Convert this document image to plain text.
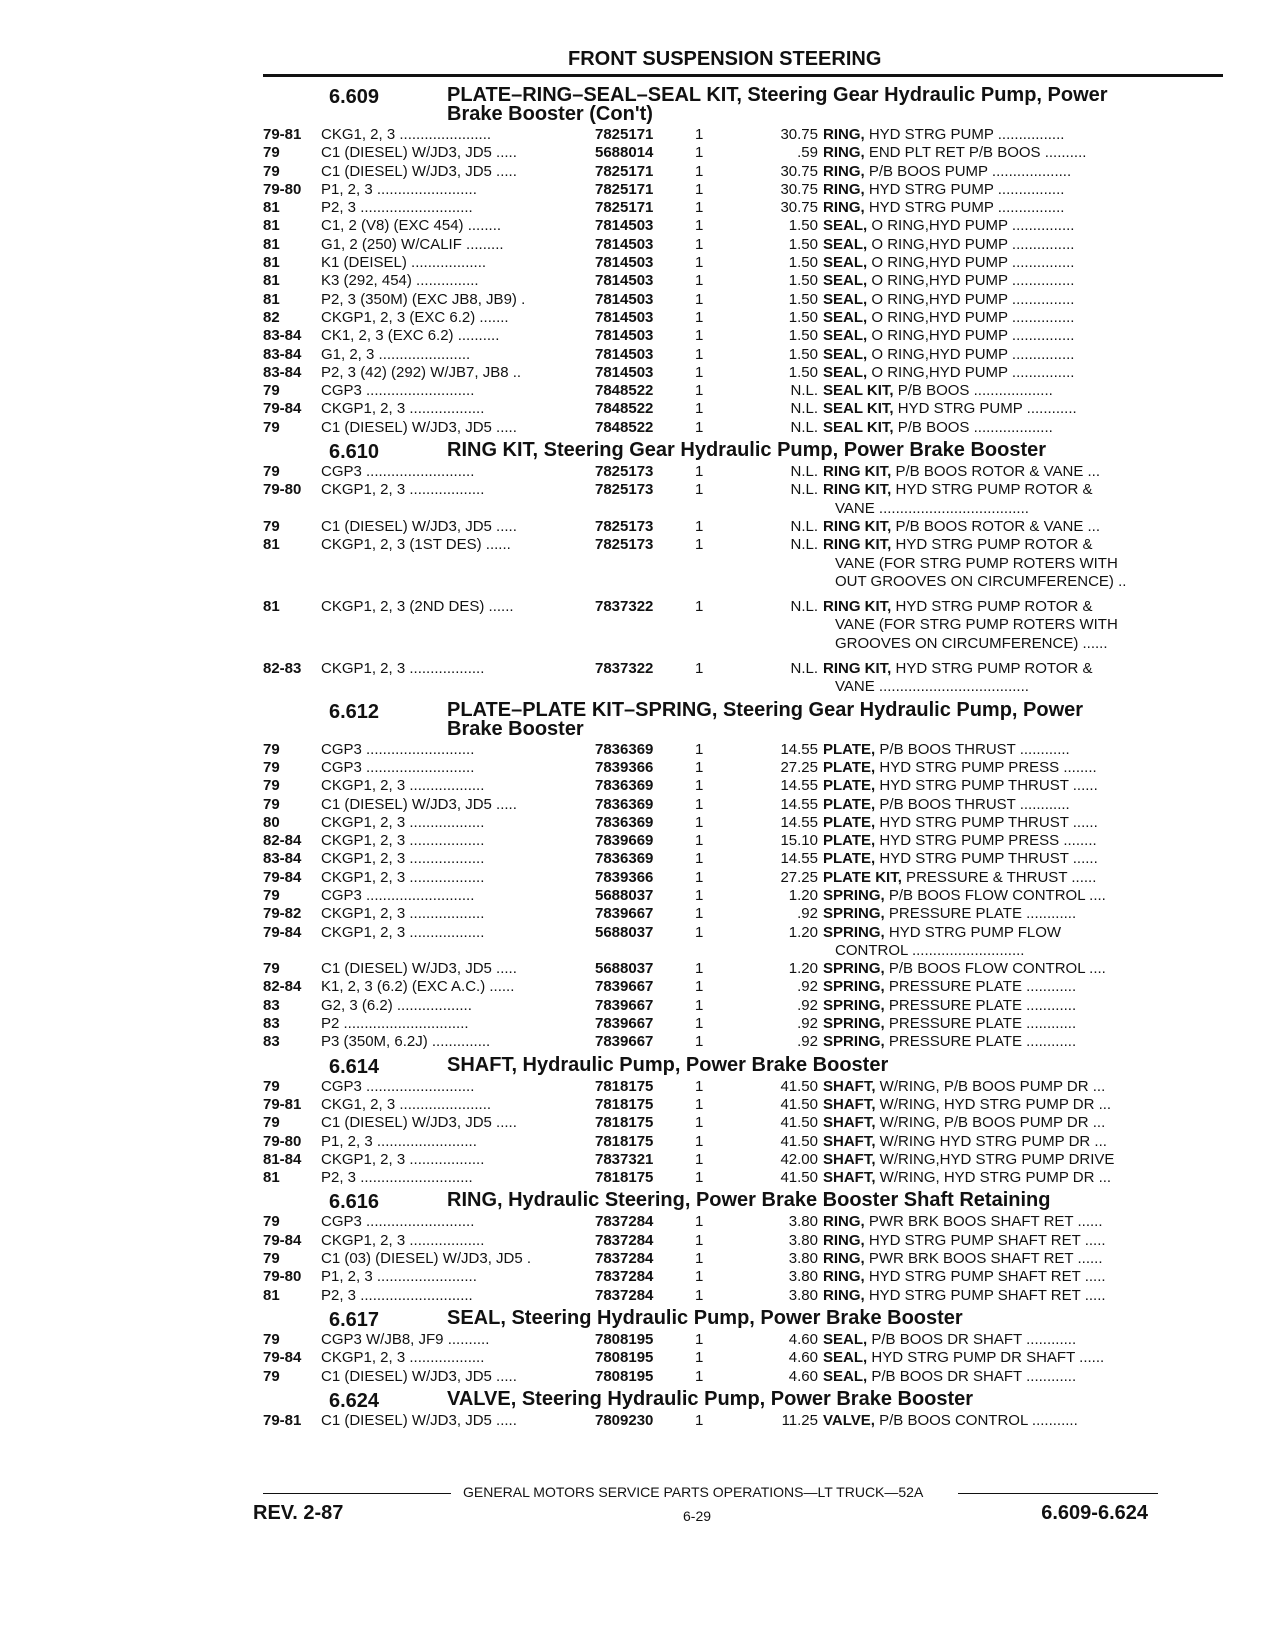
FRONT SUSPENSION STEERING
6.609	PLATE–RING–SEAL–SEAL KIT, Steering Gear Hydraulic Pump, Power
Brake Booster (Con't)
79-81 CKG1, 2, 3 ......................	7825171	1	30.75 RING, HYD STRG PUMP ................
79	C1 (DIESEL) W/JD3, JD5 .....	5688014	1	.59 RING, END PLT RET P/B BOOS ..........
79	C1 (DIESEL) W/JD3, JD5 .....	7825171	1	30.75 RING, P/B BOOS PUMP ...................
79-80 P1, 2, 3 ........................	7825171	1	30.75 RING, HYD STRG PUMP ................
81	P2, 3 ...........................	7825171	1	30.75 RING, HYD STRG PUMP ................
81	C1, 2 (V8) (EXC 454) ........	7814503	1	1.50 SEAL, O RING,HYD PUMP ...............
81	G1, 2 (250) W/CALIF .........	7814503	1	1.50 SEAL, O RING,HYD PUMP ...............
81	K1 (DEISEL) ..................	7814503	1	1.50 SEAL, O RING,HYD PUMP ...............
81	K3 (292, 454) ...............	7814503	1	1.50 SEAL, O RING,HYD PUMP ...............
81	P2, 3 (350M) (EXC JB8, JB9) .	7814503	1	1.50 SEAL, O RING,HYD PUMP ...............
82	CKGP1, 2, 3 (EXC 6.2) .......	7814503	1	1.50 SEAL, O RING,HYD PUMP ...............
83-84 CK1, 2, 3 (EXC 6.2) ..........	7814503	1	1.50 SEAL, O RING,HYD PUMP ...............
83-84 G1, 2, 3 ......................	7814503	1	1.50 SEAL, O RING,HYD PUMP ...............
83-84 P2, 3 (42) (292) W/JB7, JB8 ..	7814503	1	1.50 SEAL, O RING,HYD PUMP ...............
79	CGP3 ..........................	7848522	1	N.L. SEAL KIT, P/B BOOS ...................
79-84 CKGP1, 2, 3 ..................	7848522	1	N.L. SEAL KIT, HYD STRG PUMP ............
79	C1 (DIESEL) W/JD3, JD5 .....	7848522	1	N.L. SEAL KIT, P/B BOOS ...................
6.610	RING KIT, Steering Gear Hydraulic Pump, Power Brake Booster
79	CGP3 ..........................	7825173	1	N.L. RING KIT, P/B BOOS ROTOR & VANE ...
79-80 CKGP1, 2, 3 ..................	7825173	1	N.L. RING KIT, HYD STRG PUMP ROTOR &
VANE ....................................
79	C1 (DIESEL) W/JD3, JD5 .....	7825173	1	N.L. RING KIT, P/B BOOS ROTOR & VANE ...
81	CKGP1, 2, 3 (1ST DES) ......	7825173	1	N.L. RING KIT, HYD STRG PUMP ROTOR &
VANE (FOR STRG PUMP ROTERS WITH
OUT GROOVES ON CIRCUMFERENCE) ..
81	CKGP1, 2, 3 (2ND DES) ......	7837322	1	N.L. RING KIT, HYD STRG PUMP ROTOR &
VANE (FOR STRG PUMP ROTERS WITH
GROOVES ON CIRCUMFERENCE) ......
82-83 CKGP1, 2, 3 ..................	7837322	1	N.L. RING KIT, HYD STRG PUMP ROTOR &
VANE ....................................
6.612	PLATE–PLATE KIT–SPRING, Steering Gear Hydraulic Pump, Power
Brake Booster
79	CGP3 ..........................	7836369	1	14.55 PLATE, P/B BOOS THRUST ............
79	CGP3 ..........................	7839366	1	27.25 PLATE, HYD STRG PUMP PRESS ........
79	CKGP1, 2, 3 ..................	7836369	1	14.55 PLATE, HYD STRG PUMP THRUST ......
79	C1 (DIESEL) W/JD3, JD5 .....	7836369	1	14.55 PLATE, P/B BOOS THRUST ............
80	CKGP1, 2, 3 ..................	7836369	1	14.55 PLATE, HYD STRG PUMP THRUST ......
82-84 CKGP1, 2, 3 ..................	7839669	1	15.10 PLATE, HYD STRG PUMP PRESS ........
83-84 CKGP1, 2, 3 ..................	7836369	1	14.55 PLATE, HYD STRG PUMP THRUST ......
79-84 CKGP1, 2, 3 ..................	7839366	1	27.25 PLATE KIT, PRESSURE & THRUST ......
79	CGP3 ..........................	5688037	1	1.20 SPRING, P/B BOOS FLOW CONTROL ....
79-82 CKGP1, 2, 3 ..................	7839667	1	.92 SPRING, PRESSURE PLATE ............
79-84 CKGP1, 2, 3 ..................	5688037	1	1.20 SPRING, HYD STRG PUMP FLOW
CONTROL ...........................
79	C1 (DIESEL) W/JD3, JD5 .....	5688037	1	1.20 SPRING, P/B BOOS FLOW CONTROL ....
82-84 K1, 2, 3 (6.2) (EXC A.C.) ......	7839667	1	.92 SPRING, PRESSURE PLATE ............
83	G2, 3 (6.2) ..................	7839667	1	.92 SPRING, PRESSURE PLATE ............
83	P2 ..............................	7839667	1	.92 SPRING, PRESSURE PLATE ............
83	P3 (350M, 6.2J) ..............	7839667	1	.92 SPRING, PRESSURE PLATE ............
6.614	SHAFT, Hydraulic Pump, Power Brake Booster
79	CGP3 ..........................	7818175	1	41.50 SHAFT, W/RING, P/B BOOS PUMP DR ...
79-81 CKG1, 2, 3 ......................	7818175	1	41.50 SHAFT, W/RING, HYD STRG PUMP DR ...
79	C1 (DIESEL) W/JD3, JD5 .....	7818175	1	41.50 SHAFT, W/RING, P/B BOOS PUMP DR ...
79-80 P1, 2, 3 ........................	7818175	1	41.50 SHAFT, W/RING HYD STRG PUMP DR ...
81-84 CKGP1, 2, 3 ..................	7837321	1	42.00 SHAFT, W/RING,HYD STRG PUMP DRIVE
81	P2, 3 ...........................	7818175	1	41.50 SHAFT, W/RING, HYD STRG PUMP DR ...
6.616	RING, Hydraulic Steering, Power Brake Booster Shaft Retaining
79	CGP3 ..........................	7837284	1	3.80 RING, PWR BRK BOOS SHAFT RET ......
79-84 CKGP1, 2, 3 ..................	7837284	1	3.80 RING, HYD STRG PUMP SHAFT RET .....
79	C1 (03) (DIESEL) W/JD3, JD5 .	7837284	1	3.80 RING, PWR BRK BOOS SHAFT RET ......
79-80 P1, 2, 3 ........................	7837284	1	3.80 RING, HYD STRG PUMP SHAFT RET .....
81	P2, 3 ...........................	7837284	1	3.80 RING, HYD STRG PUMP SHAFT RET .....
6.617	SEAL, Steering Hydraulic Pump, Power Brake Booster
79	CGP3 W/JB8, JF9 ..........	7808195	1	4.60 SEAL, P/B BOOS DR SHAFT ............
79-84 CKGP1, 2, 3 ..................	7808195	1	4.60 SEAL, HYD STRG PUMP DR SHAFT ......
79	C1 (DIESEL) W/JD3, JD5 .....	7808195	1	4.60 SEAL, P/B BOOS DR SHAFT ............
6.624	VALVE, Steering Hydraulic Pump, Power Brake Booster
79-81 C1 (DIESEL) W/JD3, JD5 .....	7809230	1	11.25 VALVE, P/B BOOS CONTROL ...........
GENERAL MOTORS SERVICE PARTS OPERATIONS—LT TRUCK—52A
REV. 2-87	6-29	6.609-6.624
